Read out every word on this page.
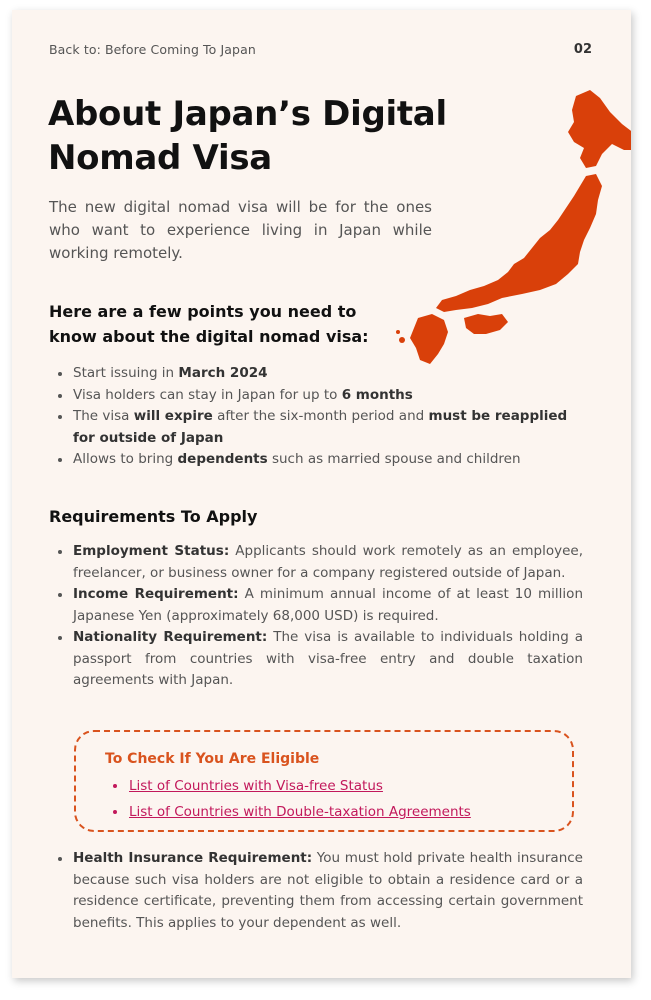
Back to: Before Coming To Japan	02
About Japan’s Digital Nomad Visa

The new digital nomad visa will be for the ones who want to experience living in Japan while working remotely.

Here are a few points you need to know about the digital nomad visa:
Start issuing in March 2024
Visa holders can stay in Japan for up to 6 months
The visa will expire after the six-month period and must be reapplied for outside of Japan
Allows to bring dependents such as married spouse and children
Requirements To Apply
Employment Status: Applicants should work remotely as an employee, freelancer, or business owner for a company registered outside of Japan.
Income Requirement: A minimum annual income of at least 10 million Japanese Yen (approximately 68,000 USD) is required.
Nationality Requirement: The visa is available to individuals holding a passport from countries with visa-free entry and double taxation agreements with Japan.
To Check If You Are Eligible
List of Countries with Visa-free Status
List of Countries with Double-taxation Agreements
Health Insurance Requirement: You must hold private health insurance because such visa holders are not eligible to obtain a residence card or a residence certificate, preventing them from accessing certain government benefits. This applies to your dependent as well.
